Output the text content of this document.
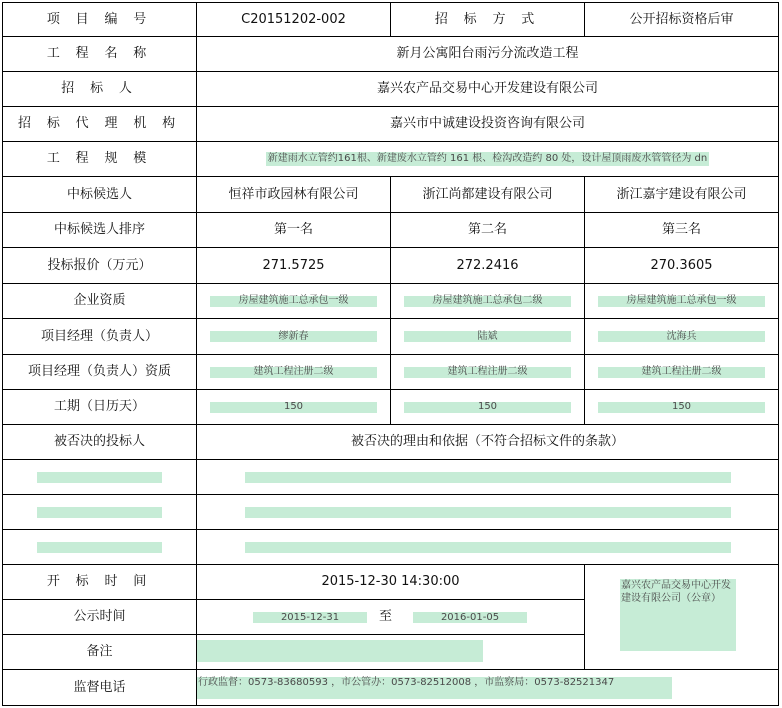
项 目 编 号	C20151202-002	招 标 方 式	公开招标资格后审
工 程 名 称	新月公寓阳台雨污分流改造工程
招 标 人	嘉兴农产品交易中心开发建设有限公司
招 标 代 理 机 构	嘉兴市中诚建设投资咨询有限公司
工 程 规 模	新建雨水立管约161根、新建废水立管约 161 根、检沟改造约 80 处，设计屋顶雨废水管管径为 dn
中标候选人	恒祥市政园林有限公司	浙江尚都建设有限公司	浙江嘉宇建设有限公司
中标候选人排序	第一名	第二名	第三名
投标报价（万元）	271.5725	272.2416	270.3605
企业资质	房屋建筑施工总承包一级	房屋建筑施工总承包二级	房屋建筑施工总承包一级
项目经理（负责人）	缪新春	陆斌	沈海兵
项目经理（负责人）资质	建筑工程注册二级	建筑工程注册二级	建筑工程注册二级
工期（日历天）	150	150	150
被否决的投标人	被否决的理由和依据（不符合招标文件的条款）
开 标 时 间	2015-12-30 14:30:00	嘉兴农产品交易中心开发建设有限公司（公章）
公示时间	2015-12-31	至	2016-01-05
备注
监督电话	行政监督：0573-83680593 ，市公管办：0573-82512008 ，市监察局：0573-82521347
